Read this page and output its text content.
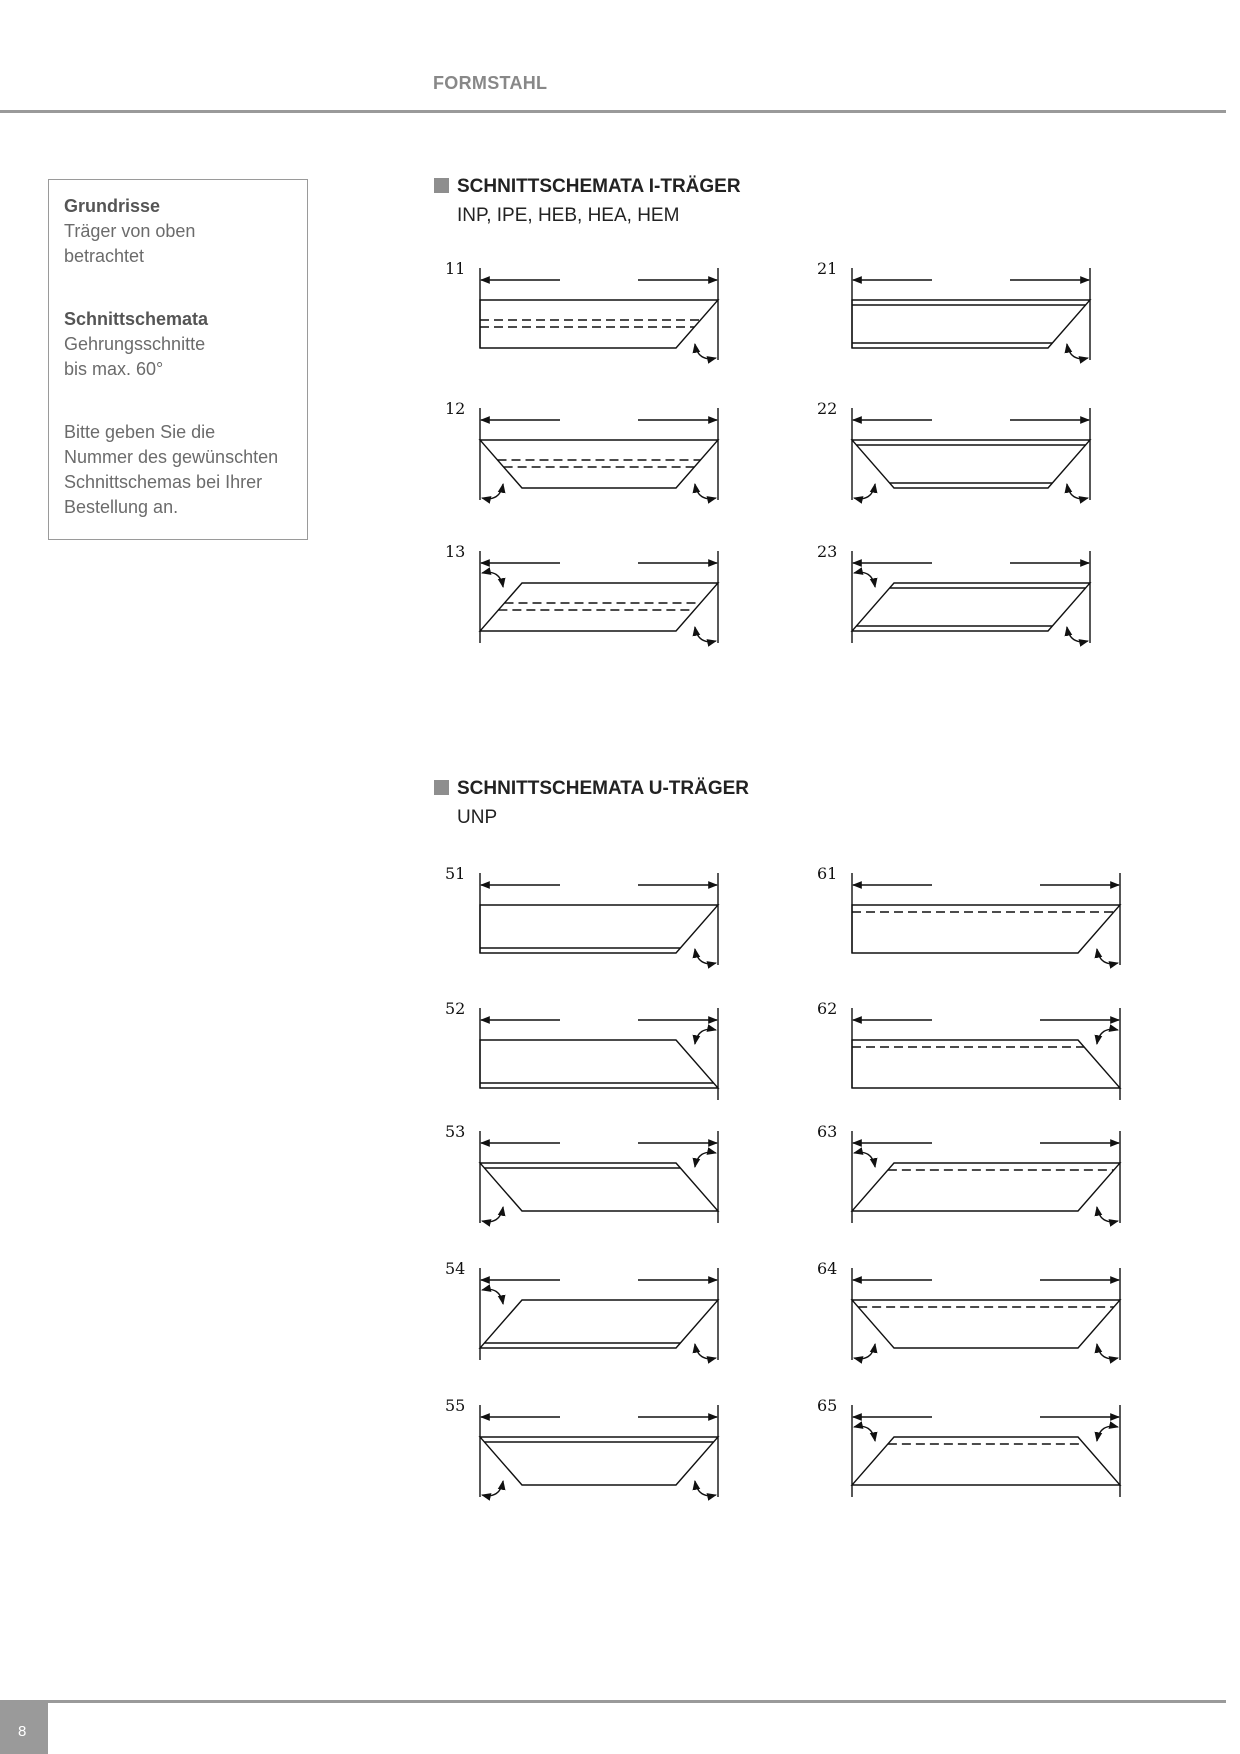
FORMSTAHL

Grundrisse

Träger von oben

betrachtet

Schnittschemata

Gehrungsschnitte

bis max. 60°

Bitte geben Sie die

Nummer des gewünschten

Schnittschemas bei Ihrer

Bestellung an.

SCHNITTSCHEMATA I-TRÄGER
INP, IPE, HEB, HEA, HEM
SCHNITTSCHEMATA U-TRÄGER
UNP
11	21
12	22
13	23
51	61
52	62
53	63
54	64
55	65
8
